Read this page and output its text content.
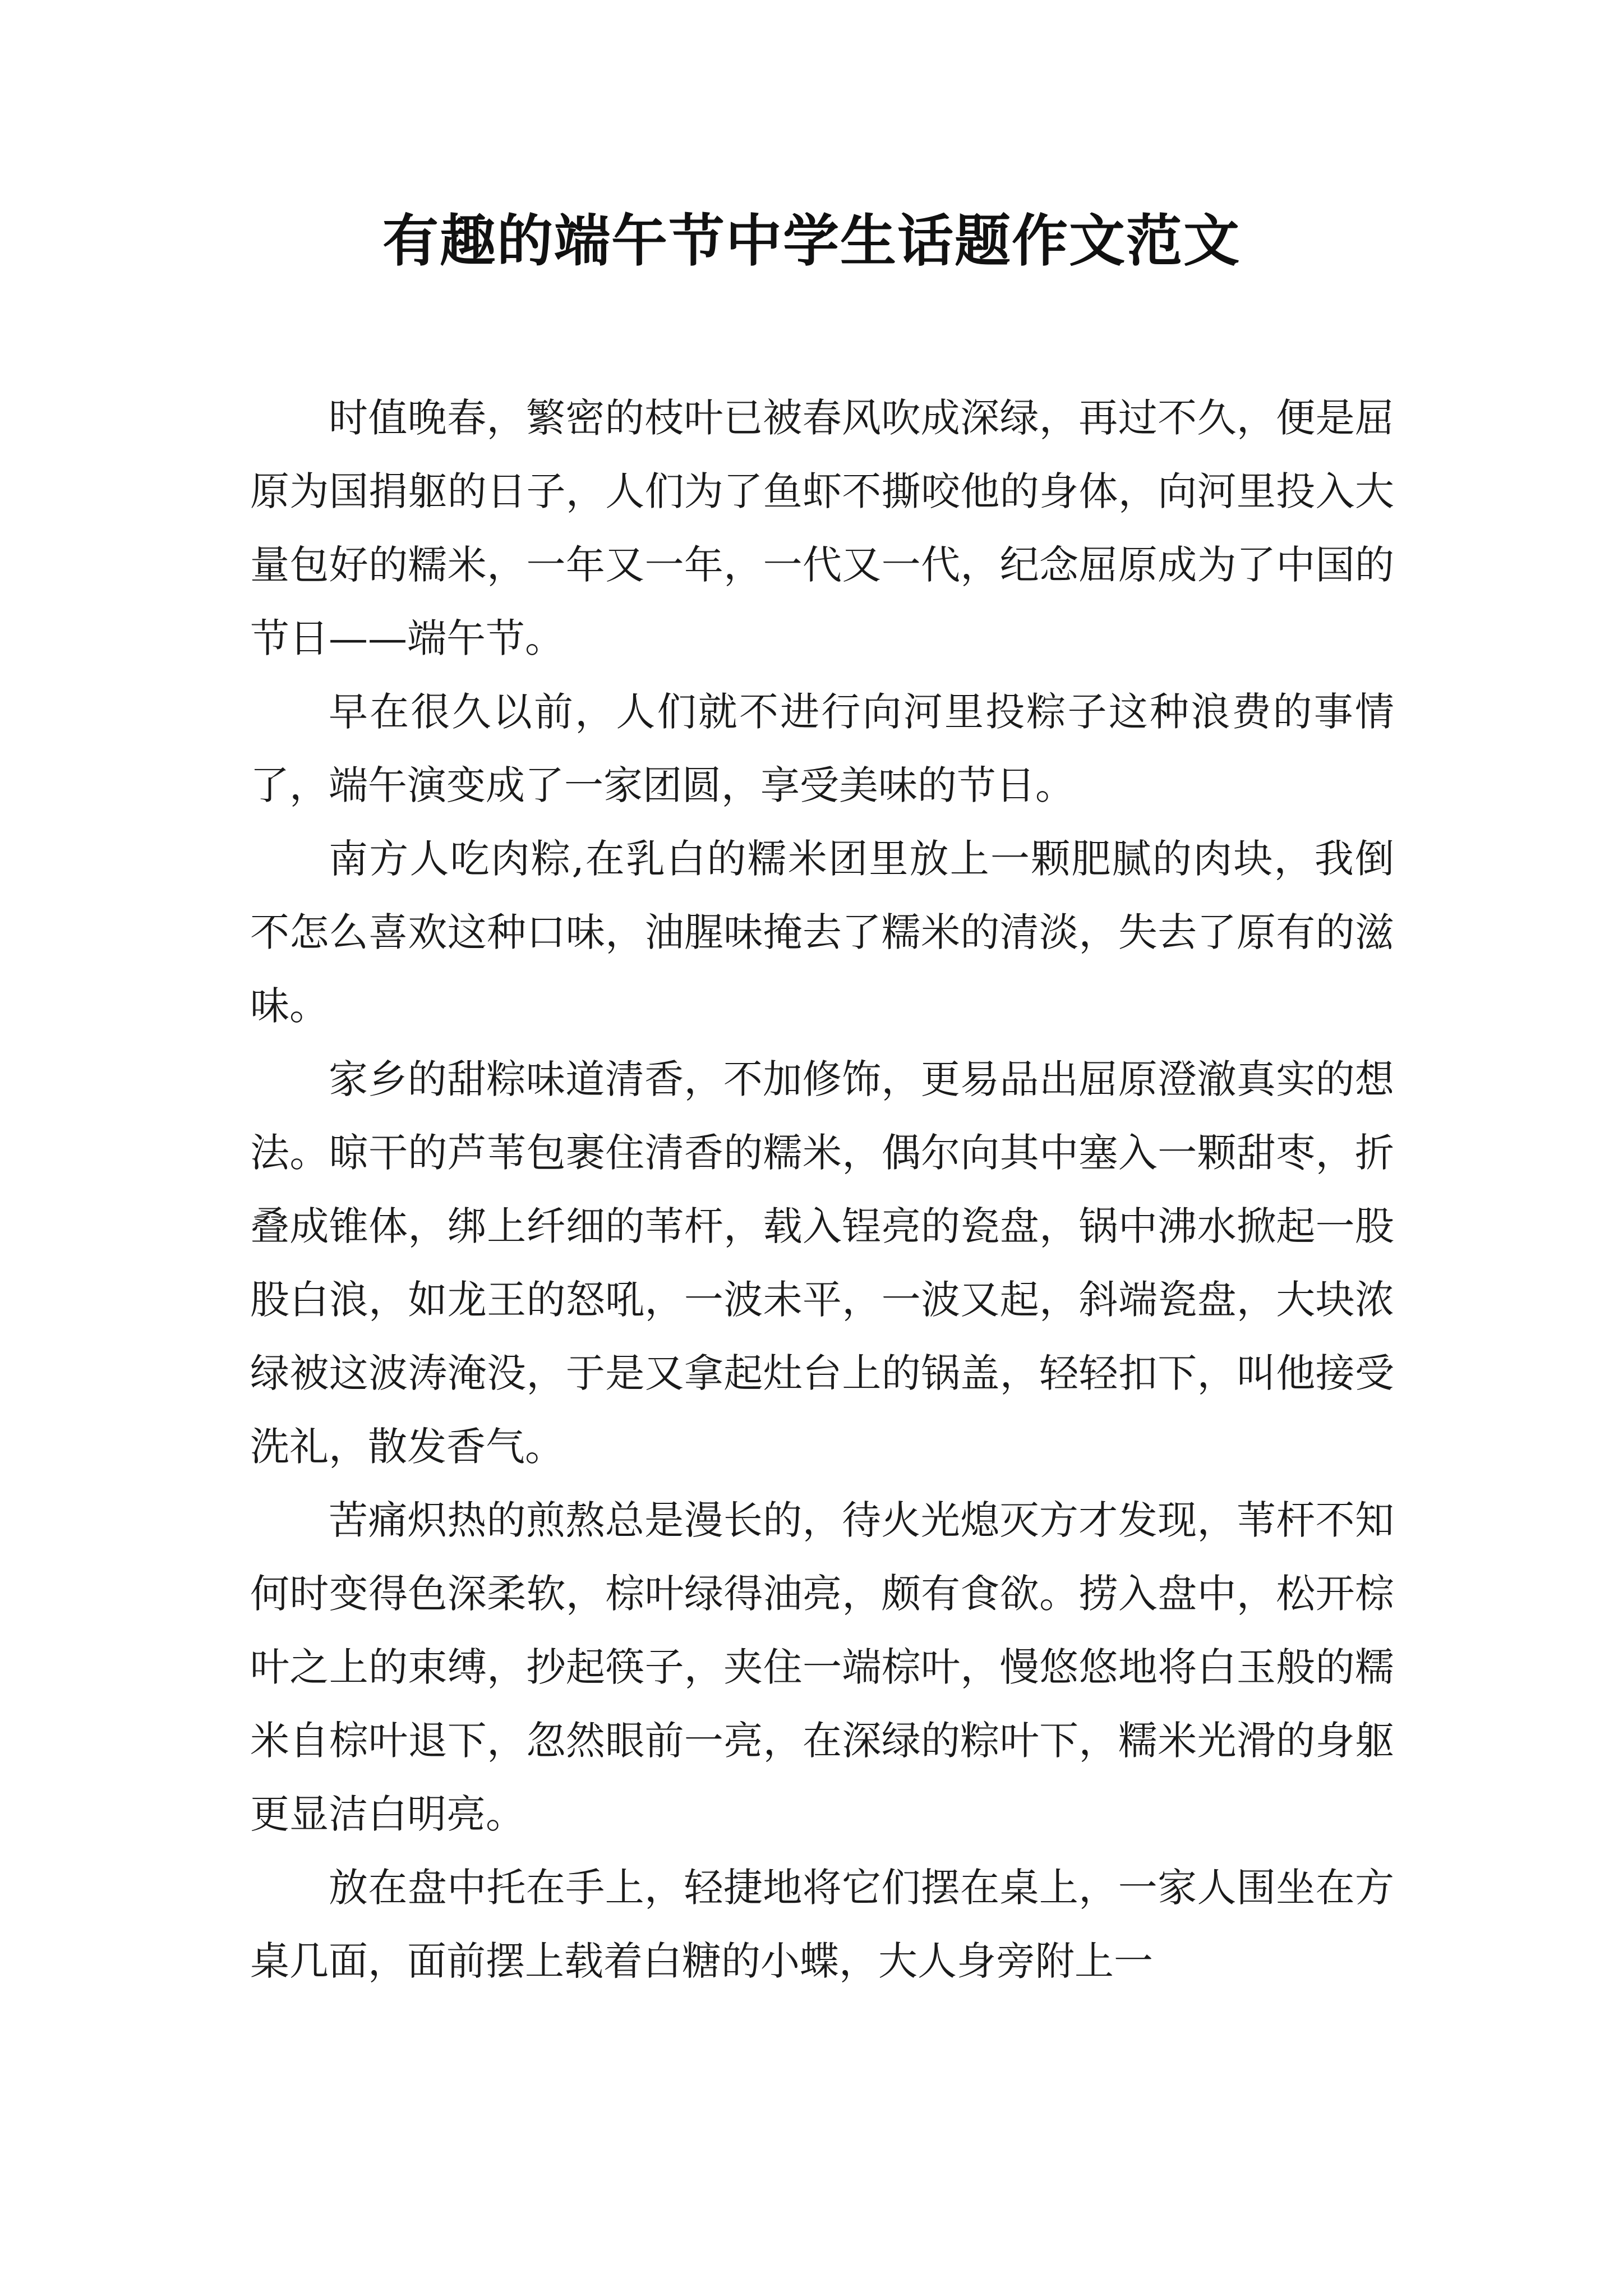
有趣的端午节中学生话题作文范文

时值晚春，繁密的枝叶已被春风吹成深绿，再过不久，便是屈原为国捐躯的日子，人们为了鱼虾不撕咬他的身体，向河里投入大量包好的糯米，一年又一年，一代又一代，纪念屈原成为了中国的节日——端午节。

早在很久以前，人们就不进行向河里投粽子这种浪费的事情了，端午演变成了一家团圆，享受美味的节日。

南方人吃肉粽,在乳白的糯米团里放上一颗肥腻的肉块，我倒不怎么喜欢这种口味，油腥味掩去了糯米的清淡，失去了原有的滋味。

家乡的甜粽味道清香，不加修饰，更易品出屈原澄澈真实的想法。晾干的芦苇包裹住清香的糯米，偶尔向其中塞入一颗甜枣，折叠成锥体，绑上纤细的苇杆，载入锃亮的瓷盘，锅中沸水掀起一股股白浪，如龙王的怒吼，一波未平，一波又起，斜端瓷盘，大块浓绿被这波涛淹没，于是又拿起灶台上的锅盖，轻轻扣下，叫他接受洗礼，散发香气。

苦痛炽热的煎熬总是漫长的，待火光熄灭方才发现，苇杆不知何时变得色深柔软，棕叶绿得油亮，颇有食欲。捞入盘中，松开棕叶之上的束缚，抄起筷子，夹住一端棕叶，慢悠悠地将白玉般的糯米自棕叶退下，忽然眼前一亮，在深绿的粽叶下，糯米光滑的身躯更显洁白明亮。

放在盘中托在手上，轻捷地将它们摆在桌上，一家人围坐在方桌几面，面前摆上载着白糖的小蝶，大人身旁附上一
